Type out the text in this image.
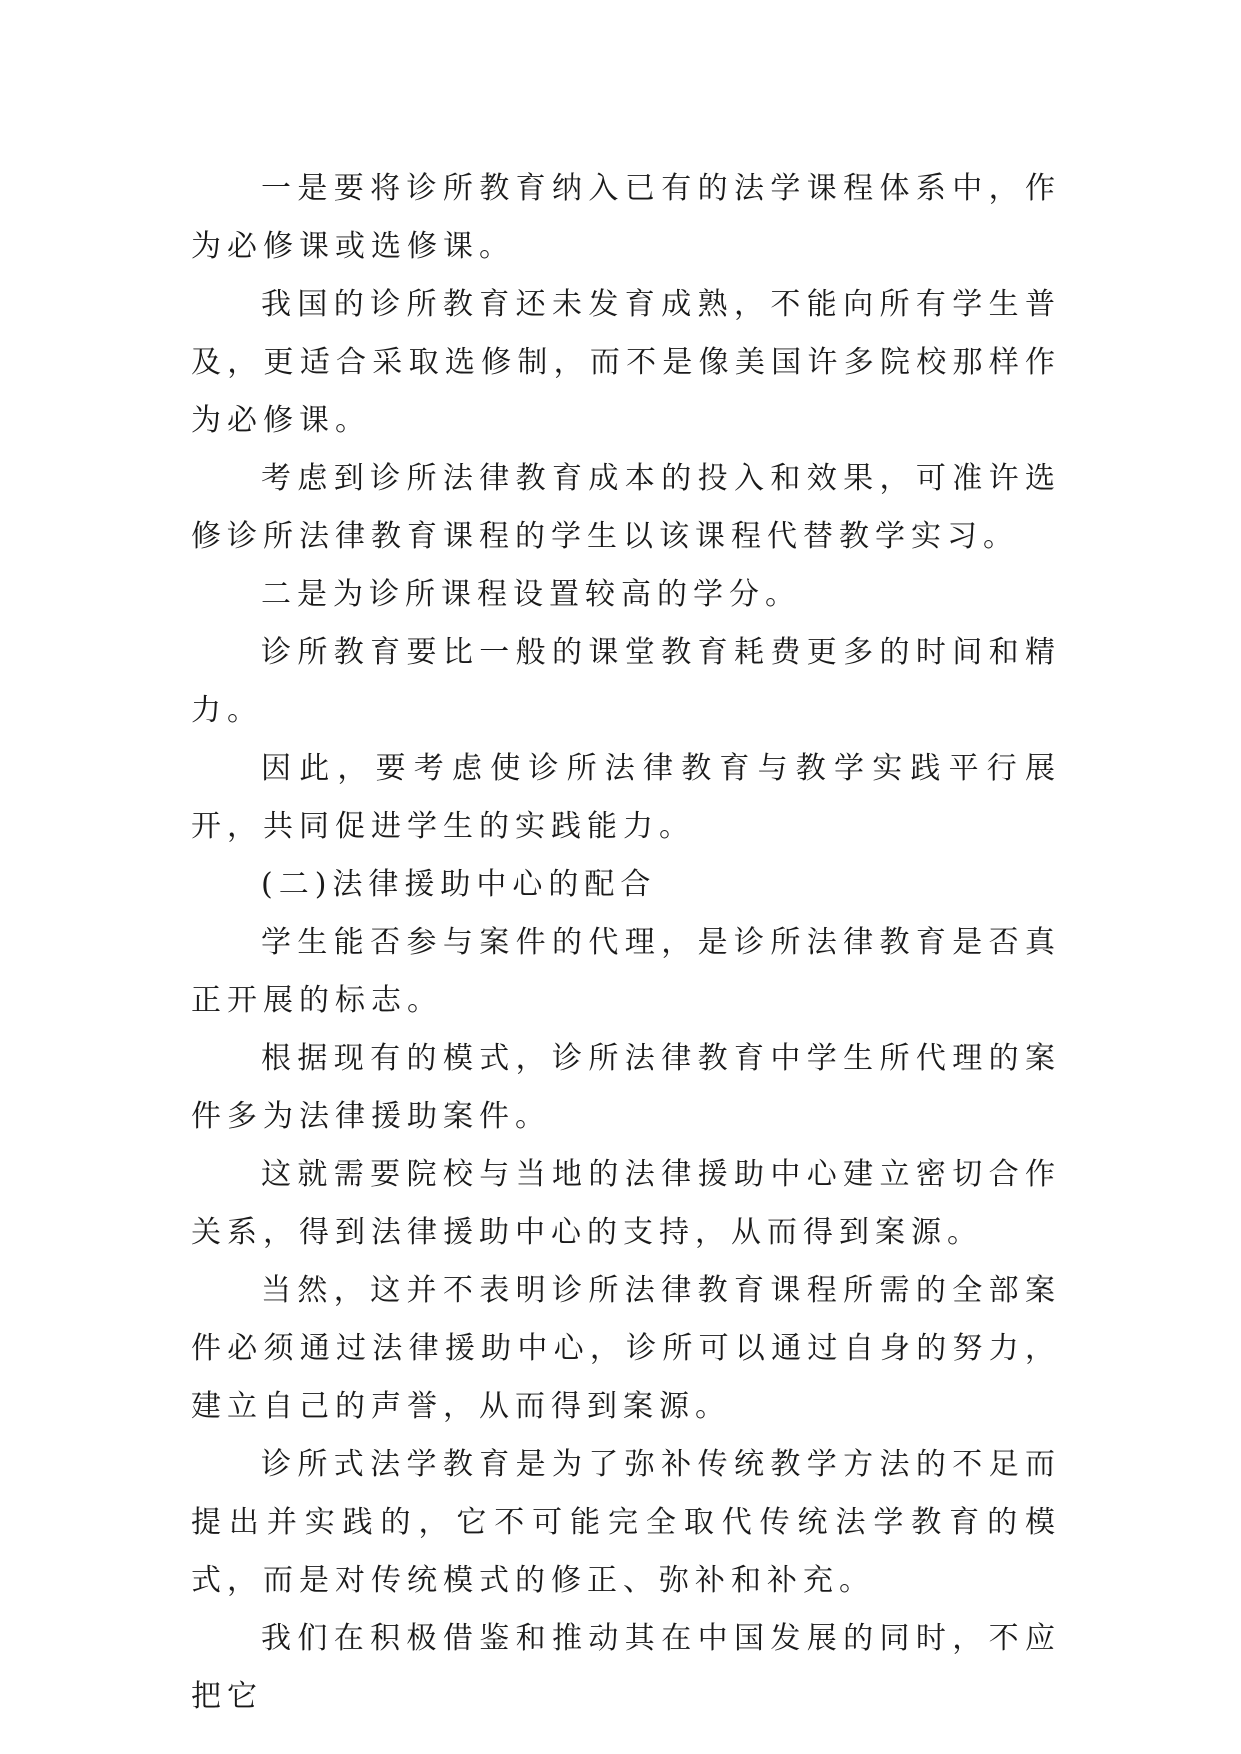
一是要将诊所教育纳入已有的法学课程体系中，作为必修课或选修课。

我国的诊所教育还未发育成熟，不能向所有学生普及，更适合采取选修制，而不是像美国许多院校那样作为必修课。

考虑到诊所法律教育成本的投入和效果，可准许选修诊所法律教育课程的学生以该课程代替教学实习。

二是为诊所课程设置较高的学分。

诊所教育要比一般的课堂教育耗费更多的时间和精力。

因此，要考虑使诊所法律教育与教学实践平行展开，共同促进学生的实践能力。

(二)法律援助中心的配合

学生能否参与案件的代理，是诊所法律教育是否真正开展的标志。

根据现有的模式，诊所法律教育中学生所代理的案件多为法律援助案件。

这就需要院校与当地的法律援助中心建立密切合作关系，得到法律援助中心的支持，从而得到案源。

当然，这并不表明诊所法律教育课程所需的全部案件必须通过法律援助中心，诊所可以通过自身的努力，建立自己的声誉，从而得到案源。

诊所式法学教育是为了弥补传统教学方法的不足而提出并实践的，它不可能完全取代传统法学教育的模式，而是对传统模式的修正、弥补和补充。

我们在积极借鉴和推动其在中国发展的同时，不应把它
